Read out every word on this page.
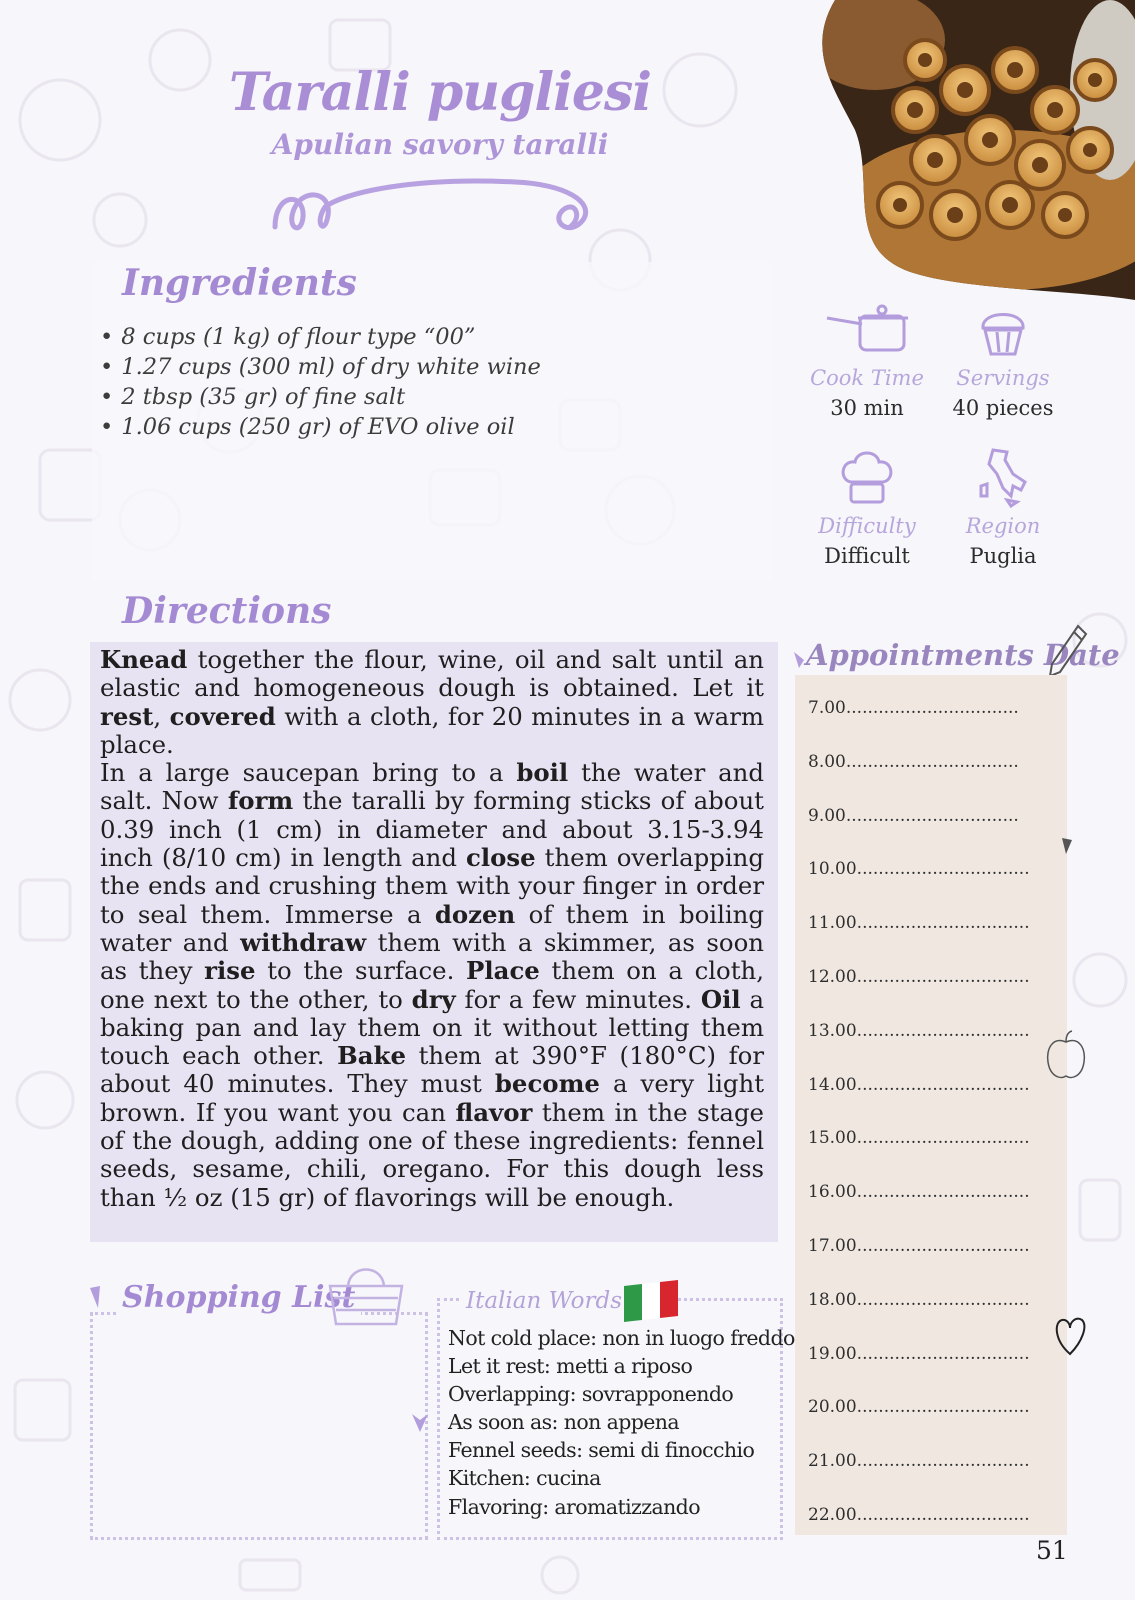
Taralli pugliesi
Apulian savory taralli
Ingredients
• 8 cups (1 kg) of flour type “00”
• 1.27 cups (300 ml) of dry white wine
• 2 tbsp (35 gr) of fine salt
• 1.06 cups (250 gr) of EVO olive oil
Cook Time
30 min
Servings
40 pieces
Difficulty
Difficult
Region
Puglia
Directions

Knead together the flour, wine, oil and salt until an elastic and homogeneous dough is obtained. Let it rest, covered with a cloth, for 20 minutes in a warm place.

In a large saucepan bring to a boil the water and salt. Now form the taralli by forming sticks of about 0.39 inch (1 cm) in diameter and about 3.15-3.94 inch (8/10 cm) in length and close them overlapping the ends and crushing them with your finger in order to seal them. Immerse a dozen of them in boiling water and withdraw them with a skimmer, as soon as they rise to the surface. Place them on a cloth, one next to the other, to dry for a few minutes. Oil a baking pan and lay them on it without letting them touch each other. Bake them at 390°F (180°C) for about 40 minutes. They must become a very light brown. If you want you can flavor them in the stage of the dough, adding one of these ingredients: fennel seeds, sesame, chili, oregano. For this dough less than ½ oz (15 gr) of flavorings will be enough.

Appointments Date
7.00................................
8.00................................
9.00................................
10.00................................
11.00................................
12.00................................
13.00................................
14.00................................
15.00................................
16.00................................
17.00................................
18.00................................
19.00................................
20.00................................
21.00................................
22.00................................
Shopping List	Italian Words
Not cold place: non in luogo freddo
Let it rest: metti a riposo
Overlapping: sovrapponendo
As soon as: non appena
Fennel seeds: semi di finocchio
Kitchen: cucina
Flavoring: aromatizzando
51
